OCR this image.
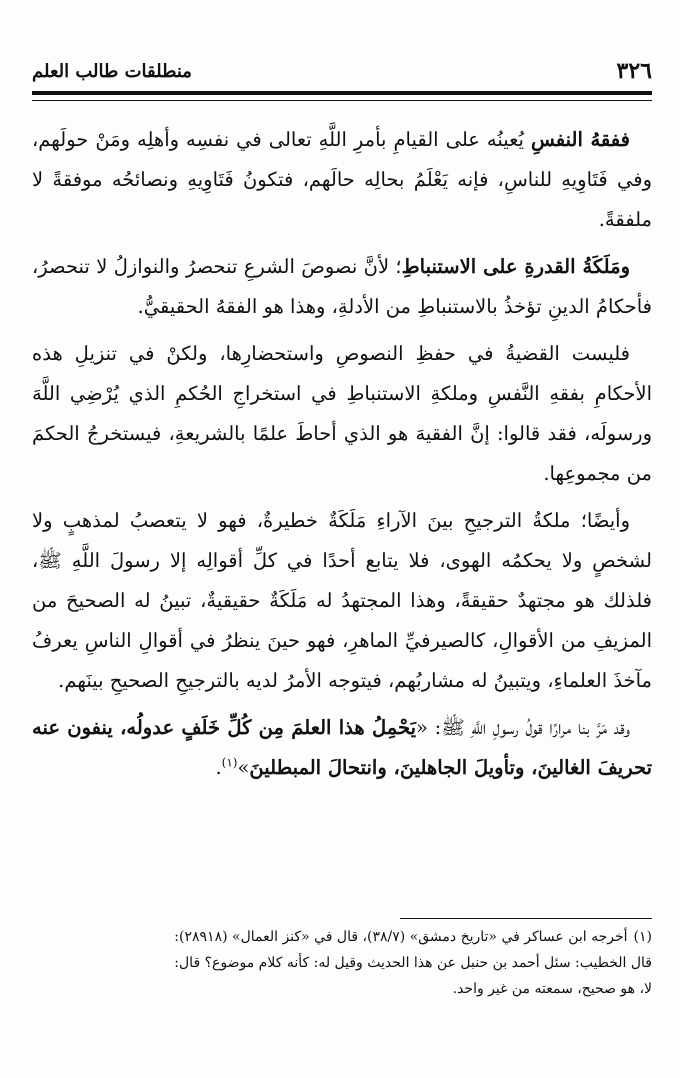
٣٢٦
منطلقات طالب العلم

ففقهُ النفسِ يُعينُه على القيامِ بأمرِ اللَّهِ تعالى في نفسِه وأهلِه ومَنْ حولَهم، وفي فَتَاوِيهِ للناسِ، فإنه يَعْلَمُ بحالِه حالَهم، فتكونُ فَتَاوِيهِ ونصائحُه موفقةً لا ملفقةً.

ومَلَكَةُ القدرةِ على الاستنباطِ؛ لأنَّ نصوصَ الشرعِ تنحصرُ والنوازلُ لا تنحصرُ، فأحكامُ الدينِ تؤخذُ بالاستنباطِ من الأدلةِ، وهذا هو الفقهُ الحقيقيُّ.

فليست القضيةُ في حفظِ النصوصِ واستحضارِها، ولكنْ في تنزيلِ هذه الأحكامِ بفقهِ النَّفسِ وملكةِ الاستنباطِ في استخراجِ الحُكمِ الذي يُرْضِي اللَّهَ ورسولَه، فقد قالوا: إنَّ الفقيهَ هو الذي أحاطَ علمًا بالشريعةِ، فيستخرجُ الحكمَ من مجموعِها.

وأيضًا؛ ملكةُ الترجيحِ بينَ الآراءِ مَلَكَةٌ خطيرةٌ، فهو لا يتعصبُ لمذهبٍ ولا لشخصٍ ولا يحكمُه الهوى، فلا يتابع أحدًا في كلِّ أقوالِه إلا رسولَ اللَّهِ ﷺ، فلذلك هو مجتهدٌ حقيقةً، وهذا المجتهدُ له مَلَكَةٌ حقيقيةٌ، تبينُ له الصحيحَ من المزيفِ من الأقوالِ، كالصيرفيِّ الماهرِ، فهو حينَ ينظرُ في أقوالِ الناسِ يعرفُ مآخذَ العلماءِ، ويتبينُ له مشاربُهم، فيتوجه الأمرُ لديه بالترجيحِ الصحيحِ بينَهم.

وقد مَرَّ بنا مرارًا قولُ رسولِ اللَّهِ ﷺ: «يَحْمِلُ هذا العلمَ مِن كُلِّ خَلَفٍ عدولُه، ينفون عنه تحريفَ الغالينَ، وتأويلَ الجاهلينَ، وانتحالَ المبطلينَ»$^{(١)}$.

(١)أخرجه ابن عساكر في «تاريخ دمشق» (٣٨/٧)، قال في «كنز العمال» (٢٨٩١٨):

قال الخطيب: سئل أحمد بن حنبل عن هذا الحديث وقيل له: كأنه كلام موضوع؟ قال:

لا، هو صحيح، سمعته من غير واحد.
